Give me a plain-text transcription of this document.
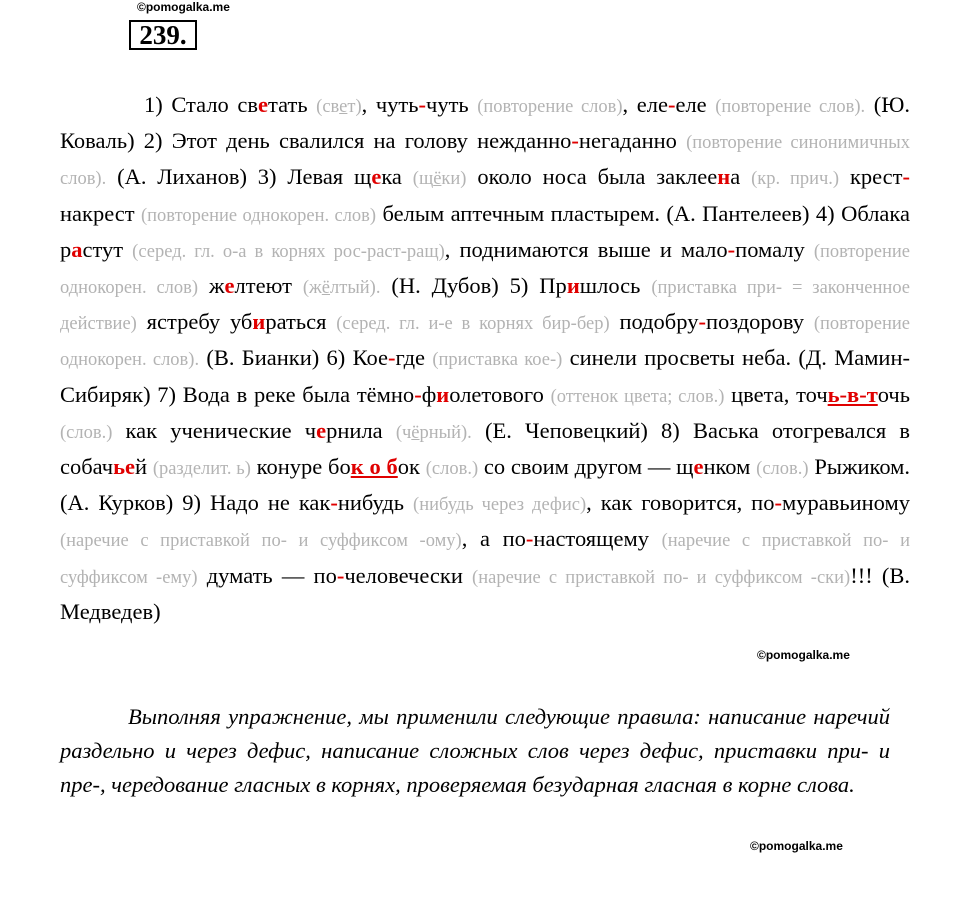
©pomogalka.me
239.

1) Стало светать (свет), чуть-чуть (повторение слов), еле-еле (повторение слов). (Ю. Коваль) 2) Этот день свалился на голову нежданно-негаданно (повторение синонимичных слов). (А. Лиханов) 3) Левая щека (щёки) около носа была заклеена (кр. прич.) крест-накрест (повторение однокорен. слов) белым аптечным пластырем. (А. Пантелеев) 4) Облака растут (серед. гл. о-а в корнях рос-раст-ращ), поднимаются выше и мало-помалу (повторение однокорен. слов) желтеют (жёлтый). (Н. Дубов) 5) Пришлось (приставка при- = законченное действие) ястребу убираться (серед. гл. и-е в корнях бир-бер) подобру-поздорову (повторение однокорен. слов). (В. Бианки) 6) Кое-где (приставка кое-) синели просветы неба. (Д. Мамин-Сибиряк) 7) Вода в реке была тёмно-фиолетового (оттенок цвета; слов.) цвета, точь-в-точь (слов.) как ученические чернила (чёрный). (Е. Чеповецкий) 8) Васька отогревался в собачьей (разделит. ь) конуре бок о бок (слов.) со своим другом — щенком (слов.) Рыжиком. (А. Курков) 9) Надо не как-нибудь (нибудь через дефис), как говорится, по-муравьиному (наречие с приставкой по- и суффиксом -ому), а по-настоящему (наречие с приставкой по- и суффиксом -ему) думать — по-человечески (наречие с приставкой по- и суффиксом -ски)!!! (В. Медведев)

©pomogalka.me

Выполняя упражнение, мы применили следующие правила: написание наречий раздельно и через дефис, написание сложных слов через дефис, приставки при- и пре-, чередование гласных в корнях, проверяемая безударная гласная в корне слова.

©pomogalka.me
